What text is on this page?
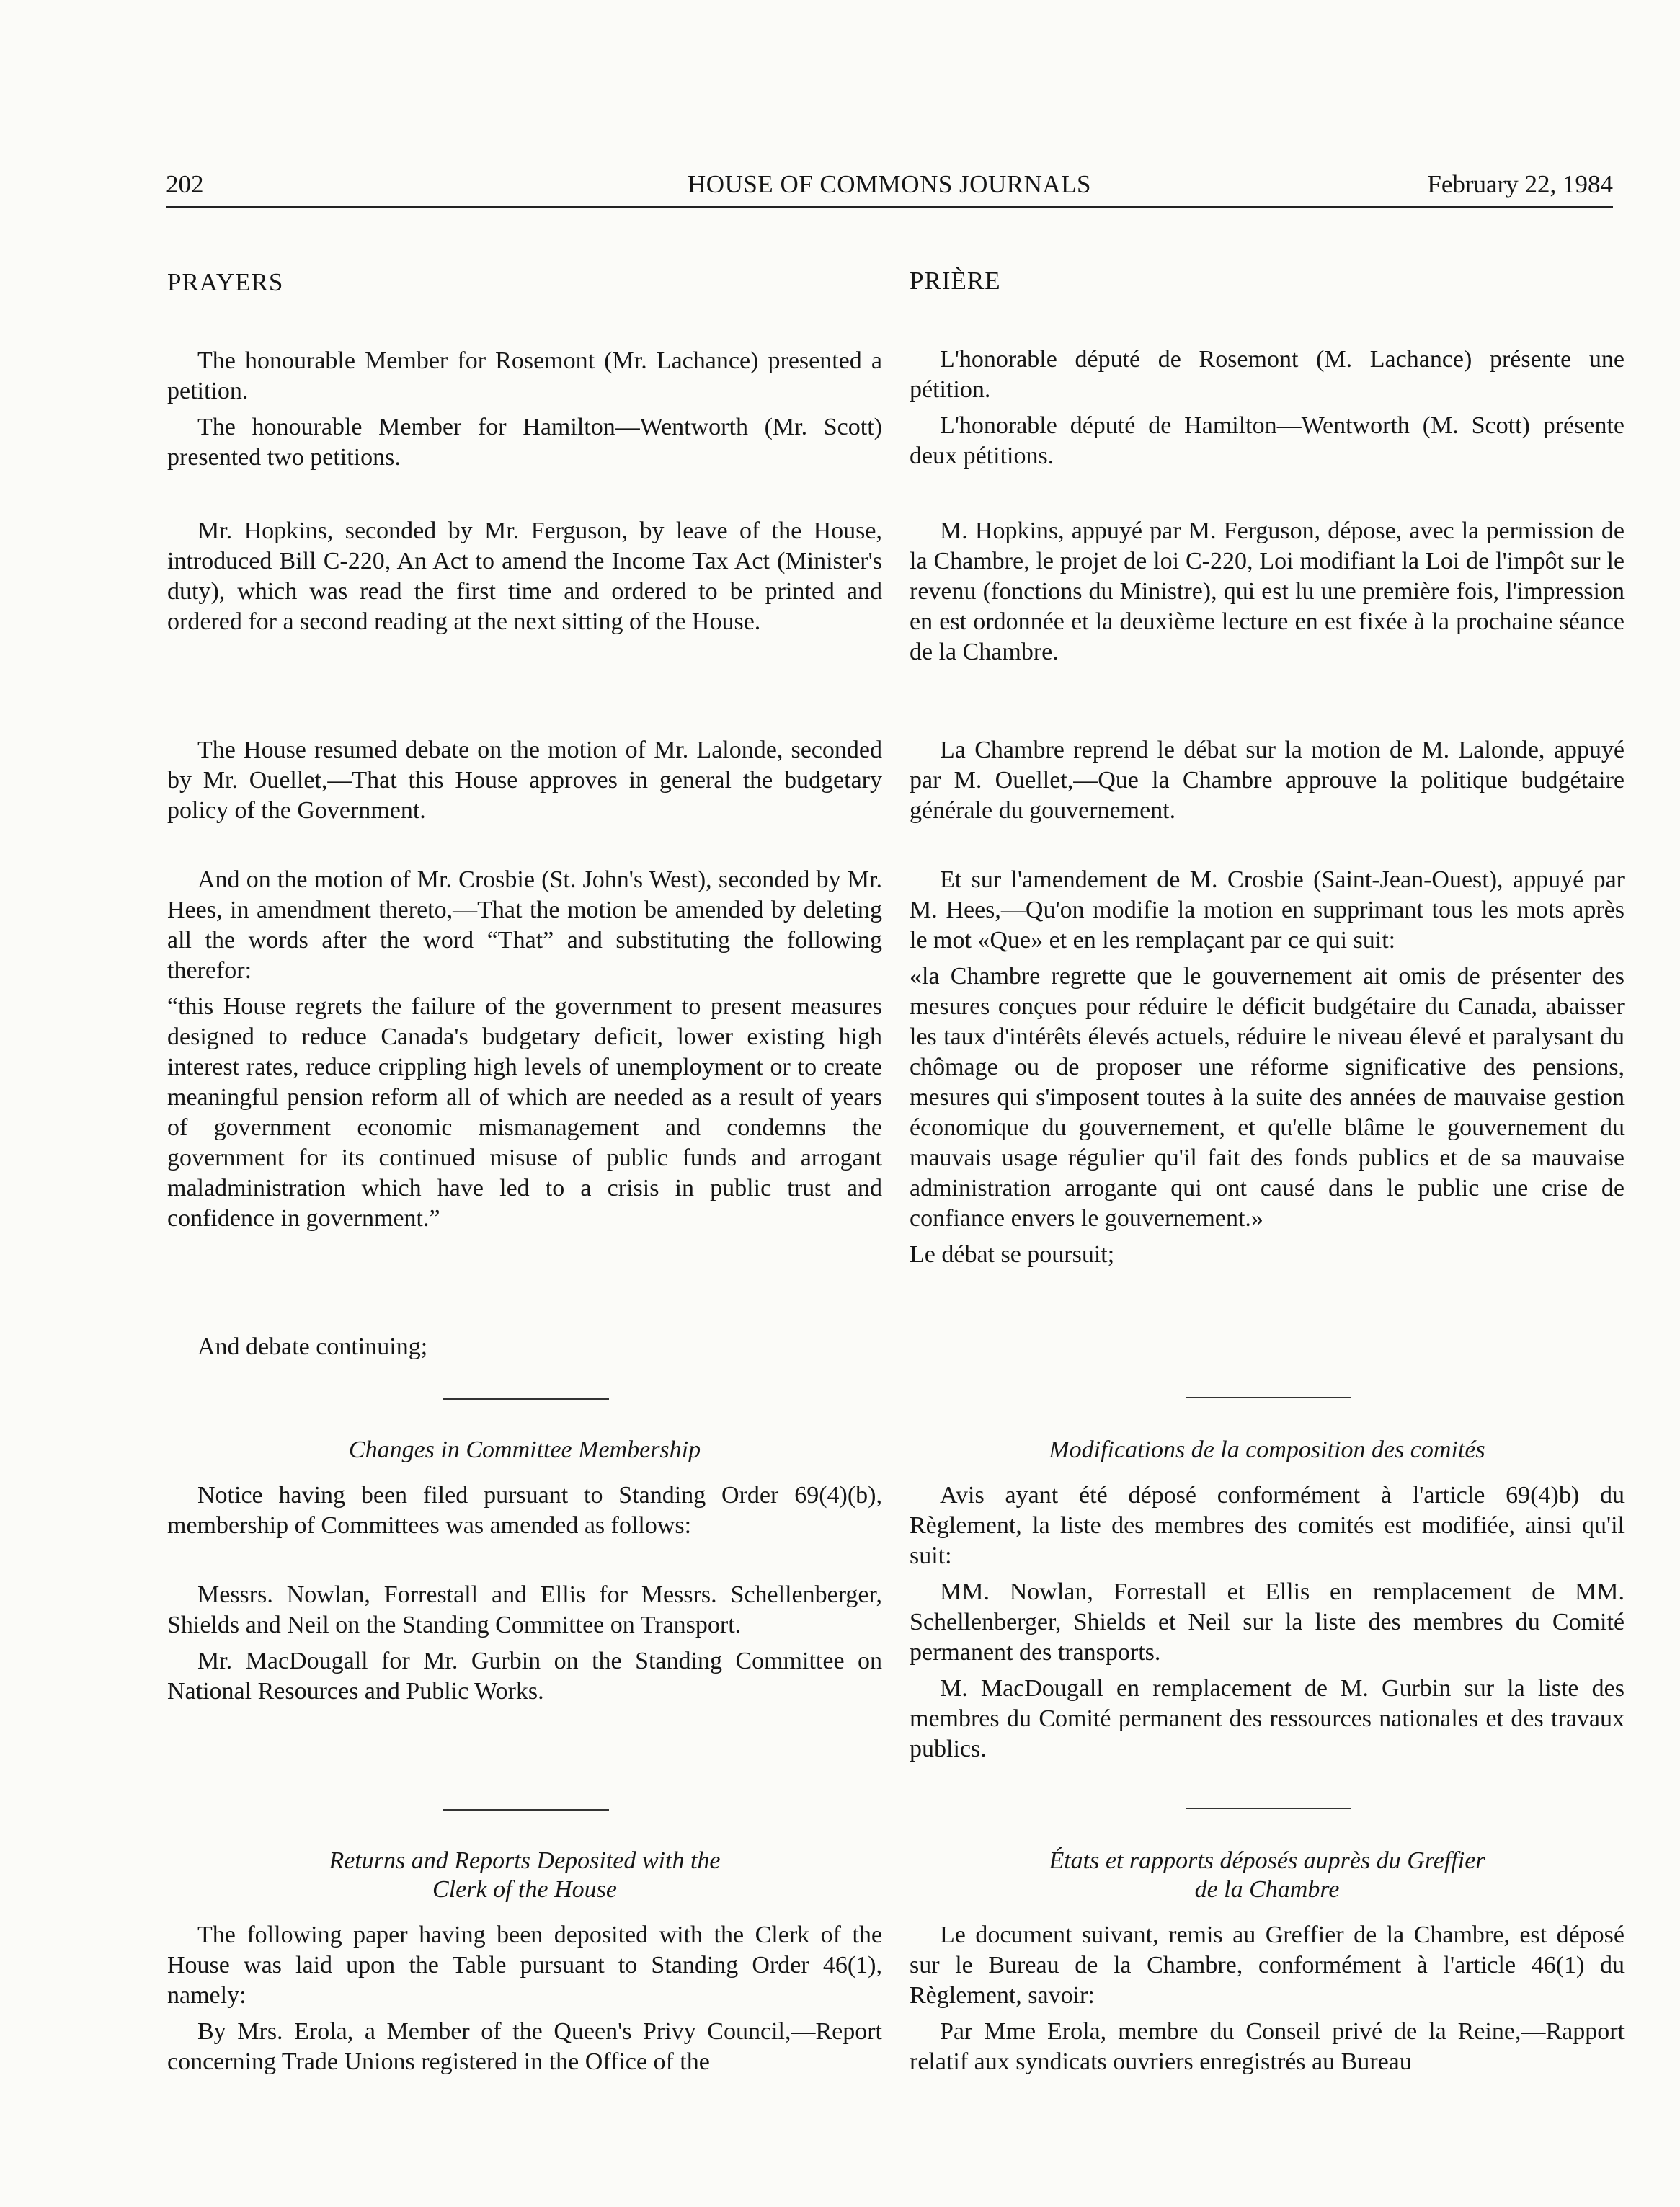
202	HOUSE OF COMMONS JOURNALS	February 22, 1984
PRAYERS

The honourable Member for Rosemont (Mr. Lachance) presented a petition.

The honourable Member for Hamilton—Wentworth (Mr. Scott) presented two petitions.

Mr. Hopkins, seconded by Mr. Ferguson, by leave of the House, introduced Bill C-220, An Act to amend the Income Tax Act (Minister's duty), which was read the first time and ordered to be printed and ordered for a second reading at the next sitting of the House.

The House resumed debate on the motion of Mr. Lalonde, seconded by Mr. Ouellet,—That this House approves in general the budgetary policy of the Government.

And on the motion of Mr. Crosbie (St. John's West), seconded by Mr. Hees, in amendment thereto,—That the motion be amended by deleting all the words after the word “That” and substituting the following therefor:

“this House regrets the failure of the government to present measures designed to reduce Canada's budgetary deficit, lower existing high interest rates, reduce crippling high levels of unemployment or to create meaningful pension reform all of which are needed as a result of years of government economic mismanagement and condemns the government for its continued misuse of public funds and arrogant maladministration which have led to a crisis in public trust and confidence in government.”

And debate continuing;

Changes in Committee Membership

Notice having been filed pursuant to Standing Order 69(4)(b), membership of Committees was amended as follows:

Messrs. Nowlan, Forrestall and Ellis for Messrs. Schellenberger, Shields and Neil on the Standing Committee on Transport.

Mr. MacDougall for Mr. Gurbin on the Standing Committee on National Resources and Public Works.

Returns and Reports Deposited with the
Clerk of the House

The following paper having been deposited with the Clerk of the House was laid upon the Table pursuant to Standing Order 46(1), namely:

By Mrs. Erola, a Member of the Queen's Privy Council,—Report concerning Trade Unions registered in the Office of the

PRIÈRE

L'honorable député de Rosemont (M. Lachance) présente une pétition.

L'honorable député de Hamilton—Wentworth (M. Scott) présente deux pétitions.

M. Hopkins, appuyé par M. Ferguson, dépose, avec la permission de la Chambre, le projet de loi C-220, Loi modifiant la Loi de l'impôt sur le revenu (fonctions du Ministre), qui est lu une première fois, l'impression en est ordonnée et la deuxième lecture en est fixée à la prochaine séance de la Chambre.

La Chambre reprend le débat sur la motion de M. Lalonde, appuyé par M. Ouellet,—Que la Chambre approuve la politique budgétaire générale du gouvernement.

Et sur l'amendement de M. Crosbie (Saint-Jean-Ouest), appuyé par M. Hees,—Qu'on modifie la motion en supprimant tous les mots après le mot «Que» et en les remplaçant par ce qui suit:

«la Chambre regrette que le gouvernement ait omis de présenter des mesures conçues pour réduire le déficit budgétaire du Canada, abaisser les taux d'intérêts élevés actuels, réduire le niveau élevé et paralysant du chômage ou de proposer une réforme significative des pensions, mesures qui s'imposent toutes à la suite des années de mauvaise gestion économique du gouvernement, et qu'elle blâme le gouvernement du mauvais usage régulier qu'il fait des fonds publics et de sa mauvaise administration arrogante qui ont causé dans le public une crise de confiance envers le gouvernement.»

Le débat se poursuit;

Modifications de la composition des comités

Avis ayant été déposé conformément à l'article 69(4)b) du Règlement, la liste des membres des comités est modifiée, ainsi qu'il suit:

MM. Nowlan, Forrestall et Ellis en remplacement de MM. Schellenberger, Shields et Neil sur la liste des membres du Comité permanent des transports.

M. MacDougall en remplacement de M. Gurbin sur la liste des membres du Comité permanent des ressources nationales et des travaux publics.

États et rapports déposés auprès du Greffier
de la Chambre

Le document suivant, remis au Greffier de la Chambre, est déposé sur le Bureau de la Chambre, conformément à l'article 46(1) du Règlement, savoir:

Par Mme Erola, membre du Conseil privé de la Reine,—Rapport relatif aux syndicats ouvriers enregistrés au Bureau
